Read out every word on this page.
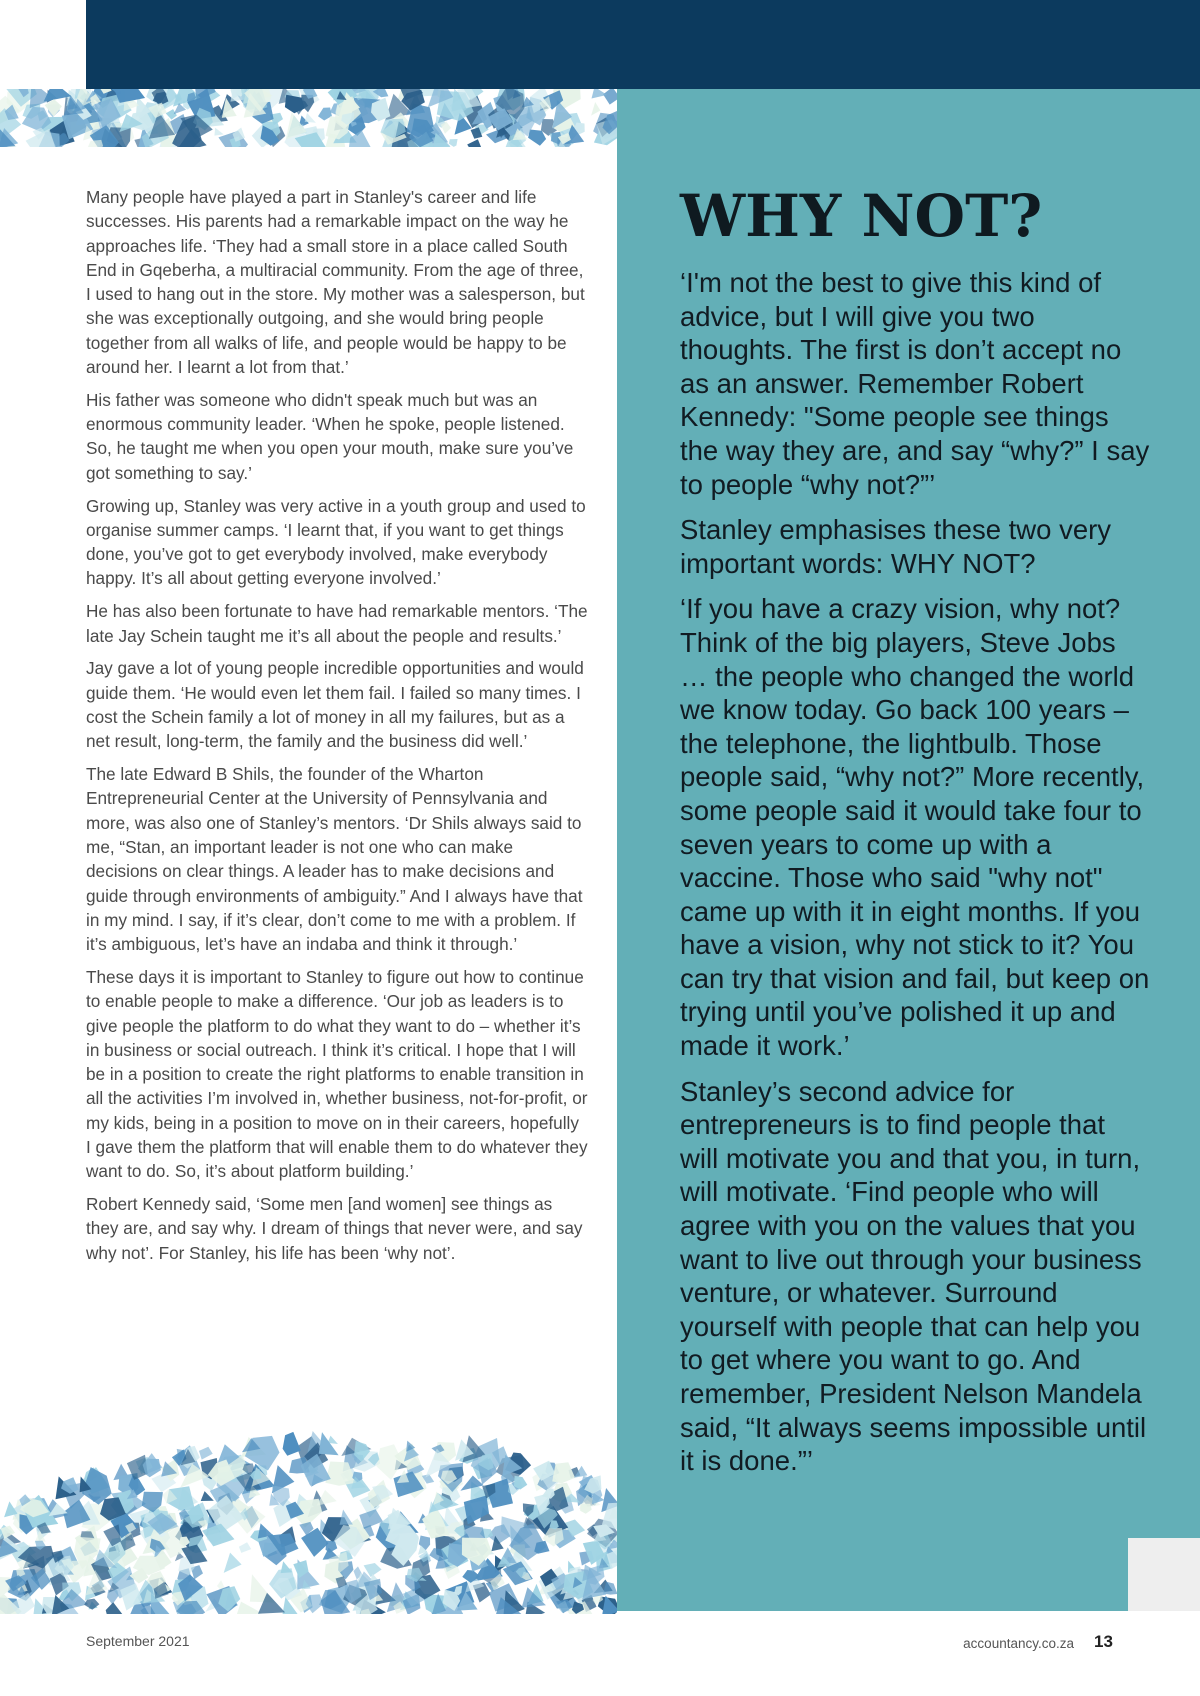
Many people have played a part in Stanley's career and life successes. His parents had a remarkable impact on the way he approaches life. ‘They had a small store in a place called South End in Gqeberha, a multiracial community. From the age of three, I used to hang out in the store. My mother was a salesperson, but she was exceptionally outgoing, and she would bring people together from all walks of life, and people would be happy to be around her. I learnt a lot from that.’

His father was someone who didn't speak much but was an enormous community leader. ‘When he spoke, people listened. So, he taught me when you open your mouth, make sure you’ve got something to say.’

Growing up, Stanley was very active in a youth group and used to organise summer camps. ‘I learnt that, if you want to get things done, you’ve got to get everybody involved, make everybody happy. It’s all about getting everyone involved.’

He has also been fortunate to have had remarkable mentors. ‘The late Jay Schein taught me it’s all about the people and results.’

Jay gave a lot of young people incredible opportunities and would guide them. ‘He would even let them fail. I failed so many times. I cost the Schein family a lot of money in all my failures, but as a net result, long-term, the family and the business did well.’

The late Edward B Shils, the founder of the Wharton Entrepreneurial Center at the University of Pennsylvania and more, was also one of Stanley’s mentors. ‘Dr Shils always said to me, “Stan, an important leader is not one who can make decisions on clear things. A leader has to make decisions and guide through environments of ambiguity.” And I always have that in my mind. I say, if it’s clear, don’t come to me with a problem. If it’s ambiguous, let’s have an indaba and think it through.’

These days it is important to Stanley to figure out how to continue to enable people to make a difference. ‘Our job as leaders is to give people the platform to do what they want to do – whether it’s in business or social outreach. I think it’s critical. I hope that I will be in a position to create the right platforms to enable transition in all the activities I’m involved in, whether business, not-for-profit, or my kids, being in a position to move on in their careers, hopefully I gave them the platform that will enable them to do whatever they want to do. So, it’s about platform building.’

Robert Kennedy said, ‘Some men [and women] see things as they are, and say why. I dream of things that never were, and say why not’. For Stanley, his life has been ‘why not’.

WHY NOT?

‘I'm not the best to give this kind of advice, but I will give you two thoughts. The first is don’t accept no as an answer. Remember Robert Kennedy: "Some people see things the way they are, and say “why?” I say to people “why not?”’

Stanley emphasises these two very important words: WHY NOT?

‘If you have a crazy vision, why not? Think of the big players, Steve Jobs … the people who changed the world we know today. Go back 100 years – the telephone, the lightbulb. Those people said, “why not?” More recently, some people said it would take four to seven years to come up with a vaccine. Those who said "why not" came up with it in eight months. If you have a vision, why not stick to it? You can try that vision and fail, but keep on trying until you’ve polished it up and made it work.’

Stanley’s second advice for entrepreneurs is to find people that will motivate you and that you, in turn, will motivate. ‘Find people who will agree with you on the values that you want to live out through your business venture, or whatever. Surround yourself with people that can help you to get where you want to go. And remember, President Nelson Mandela said, “It always seems impossible until it is done.”’

September 2021	accountancy.co.za 13
